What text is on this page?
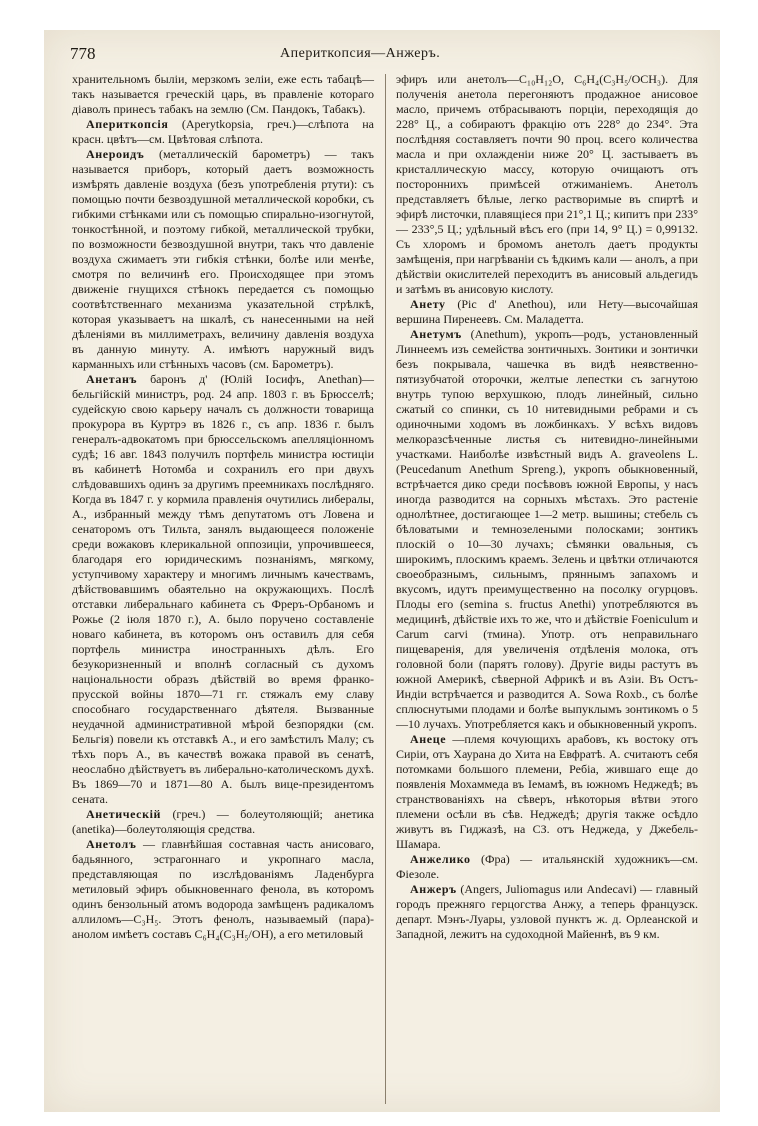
778	Апериткопсия—Анжеръ.

хранительномъ быліи, мерзкомъ зеліи, еже есть табацѣ—такъ называется греческій царь, въ правленіе котораго діаволъ принесъ табакъ на землю (См. Пандокъ, Табакъ).

Апериткопсія (Aperytkopsia, греч.)—слѣпота на красн. цвѣтъ—см. Цвѣтовая слѣпота.

Анероидъ (металлическій барометръ) — такъ называется приборъ, который даетъ возможность измѣрять давленіе воздуха (безъ употребленія ртути): съ помощью почти безвоздушной металлической коробки, съ гибкими стѣнками или съ помощью спирально-изогнутой, тонкостѣнной, и поэтому гибкой, металлической трубки, по возможности безвоздушной внутри, такъ что давленіе воздуха сжимаетъ эти гибкія стѣнки, болѣе или менѣе, смотря по величинѣ его. Происходящее при этомъ движеніе гнущихся стѣнокъ передается съ помощью соотвѣтственнаго механизма указательной стрѣлкѣ, которая указываетъ на шкалѣ, съ нанесенными на ней дѣленіями въ миллиметрахъ, величину давленія воздуха въ данную минуту. А. имѣютъ наружный видъ карманныхъ или стѣнныхъ часовъ (см. Барометръ).

Анетанъ баронъ д' (Юлій Іосифъ, Anethan)—бельгійскій министръ, род. 24 апр. 1803 г. въ Брюсселѣ; судейскую свою карьеру началъ съ должности товарища прокурора въ Куртрэ въ 1826 г., съ апр. 1836 г. былъ генералъ-адвокатомъ при брюссельскомъ апелляціонномъ судѣ; 16 авг. 1843 получилъ портфель министра юстиціи въ кабинетѣ Нотомба и сохранилъ его при двухъ слѣдовавшихъ одинъ за другимъ преемникахъ послѣдняго. Когда въ 1847 г. у кормила правленія очутились либералы, А., избранный между тѣмъ депутатомъ отъ Ловена и сенаторомъ отъ Тильта, занялъ выдающееся положеніе среди вожаковъ клерикальной оппозиціи, упрочившееся, благодаря его юридическимъ познаніямъ, мягкому, уступчивому характеру и многимъ личнымъ качествамъ, дѣйствовавшимъ обаятельно на окружающихъ. Послѣ отставки либеральнаго кабинета съ Фреръ-Орбаномъ и Рожье (2 іюля 1870 г.), А. было поручено составленіе новаго кабинета, въ которомъ онъ оставилъ для себя портфель министра иностранныхъ дѣлъ. Его безукоризненный и вполнѣ согласный съ духомъ національности образъ дѣйствій во время франко-прусской войны 1870—71 гг. стяжалъ ему славу способнаго государственнаго дѣятеля. Вызванные неудачной административной мѣрой безпорядки (см. Бельгія) повели къ отставкѣ А., и его замѣстилъ Малу; съ тѣхъ поръ А., въ качествѣ вожака правой въ сенатѣ, неослабно дѣйствуетъ въ либерально-католическомъ духѣ. Въ 1869—70 и 1871—80 А. былъ вице-президентомъ сената.

Анетическій (греч.) — болеутоляющій; анетика (anetika)—болеутоляющія средства.

Анетолъ — главнѣйшая составная часть анисоваго, бадьянного, эстрагоннаго и укропнаго масла, представляющая по изслѣдованіямъ Ладенбурга метиловый эфиръ обыкновеннаго фенола, въ которомъ одинъ бензольный атомъ водорода замѣщенъ радикаломъ аллиломъ—C₃H₅. Этотъ фенолъ, называемый (пара)-анолом имѣетъ составъ C₆H₄(C₃H₅/OH), а его метиловый

эфиръ или анетолъ—C₁₀H₁₂O, C₆H₄(C₃H₅/OCH₃). Для полученія анетола перегоняютъ продажное анисовое масло, причемъ отбрасываютъ порціи, переходящія до 228° Ц., а собираютъ фракцію отъ 228° до 234°. Эта послѣдняя составляетъ почти 90 проц. всего количества масла и при охлажденіи ниже 20° Ц. застываетъ въ кристаллическую массу, которую очищаютъ отъ постороннихъ примѣсей отжиманіемъ. Анетолъ представляетъ бѣлые, легко растворимые въ спиртѣ и эфирѣ листочки, плавящіеся при 21°,1 Ц.; кипитъ при 233° — 233°,5 Ц.; удѣльный вѣсъ его (при 14, 9° Ц.) = 0,99132. Съ хлоромъ и бромомъ анетолъ даетъ продукты замѣщенія, при нагрѣваніи съ ѣдкимъ кали — анолъ, а при дѣйствіи окислителей переходитъ въ анисовый альдегидъ и затѣмъ въ анисовую кислоту.

Анету (Pic d' Anethou), или Нету—высочайшая вершина Пиренеевъ. См. Маладетта.

Анетумъ (Anethum), укропъ—родъ, установленный Линнеемъ изъ семейства зонтичныхъ. Зонтики и зонтички безъ покрывала, чашечка въ видѣ неявственно-пятизубчатой оторочки, желтые лепестки съ загнутою внутрь тупою верхушкою, плодъ линейный, сильно сжатый со спинки, съ 10 нитевидными ребрами и съ одиночными ходомъ въ ложбинкахъ. У всѣхъ видовъ мелкоразсѣченные листья съ нитевидно-линейными участками. Наиболѣе извѣстный видъ A. graveolens L. (Peucedanum Anethum Spreng.), укропъ обыкновенный, встрѣчается дико среди посѣвовъ южной Европы, у насъ иногда разводится на сорныхъ мѣстахъ. Это растеніе однолѣтнее, достигающее 1—2 метр. вышины; стебель съ бѣловатыми и темнозелеными полосками; зонтикъ плоскій о 10—30 лучахъ; сѣмянки овальныя, съ широкимъ, плоскимъ краемъ. Зелень и цвѣтки отличаются своеобразнымъ, сильнымъ, пряннымъ запахомъ и вкусомъ, идутъ преимущественно на посолку огурцовъ. Плоды его (semina s. fructus Anethi) употребляются въ медицинѣ, дѣйствіе ихъ то же, что и дѣйствіе Foeniculum и Carum carvi (тмина). Употр. отъ неправильнаго пищеваренія, для увеличенія отдѣленія молока, отъ головной боли (парятъ голову). Другіе виды растутъ въ южной Америкѣ, сѣверной Африкѣ и въ Азіи. Въ Остъ-Индіи встрѣчается и разводится A. Sowa Roxb., съ болѣе сплюснутыми плодами и болѣе выпуклымъ зонтикомъ о 5—10 лучахъ. Употребляется какъ и обыкновенный укропъ.

Анеце —племя кочующихъ арабовъ, къ востоку отъ Сиріи, отъ Хаурана до Хита на Евфратѣ. А. считаютъ себя потомками большого племени, Ребіа, жившаго еще до появленія Мохаммеда въ Іемамѣ, въ южномъ Неджедѣ; въ странствованіяхъ на сѣверъ, нѣкоторыя вѣтви этого племени осѣли въ сѣв. Неджедѣ; другія также осѣдло живутъ въ Гиджазѣ, на СЗ. отъ Неджеда, у Джебель-Шамара.

Анжелико (Фра) — итальянскій художникъ—см. Фіезоле.

Анжеръ (Angers, Juliomagus или Andecavi) — главный городъ прежняго герцогства Анжу, а теперь французск. департ. Мэнъ-Луары, узловой пунктъ ж. д. Орлеанской и Западной, лежитъ на судоходной Майеннѣ, въ 9 км.
